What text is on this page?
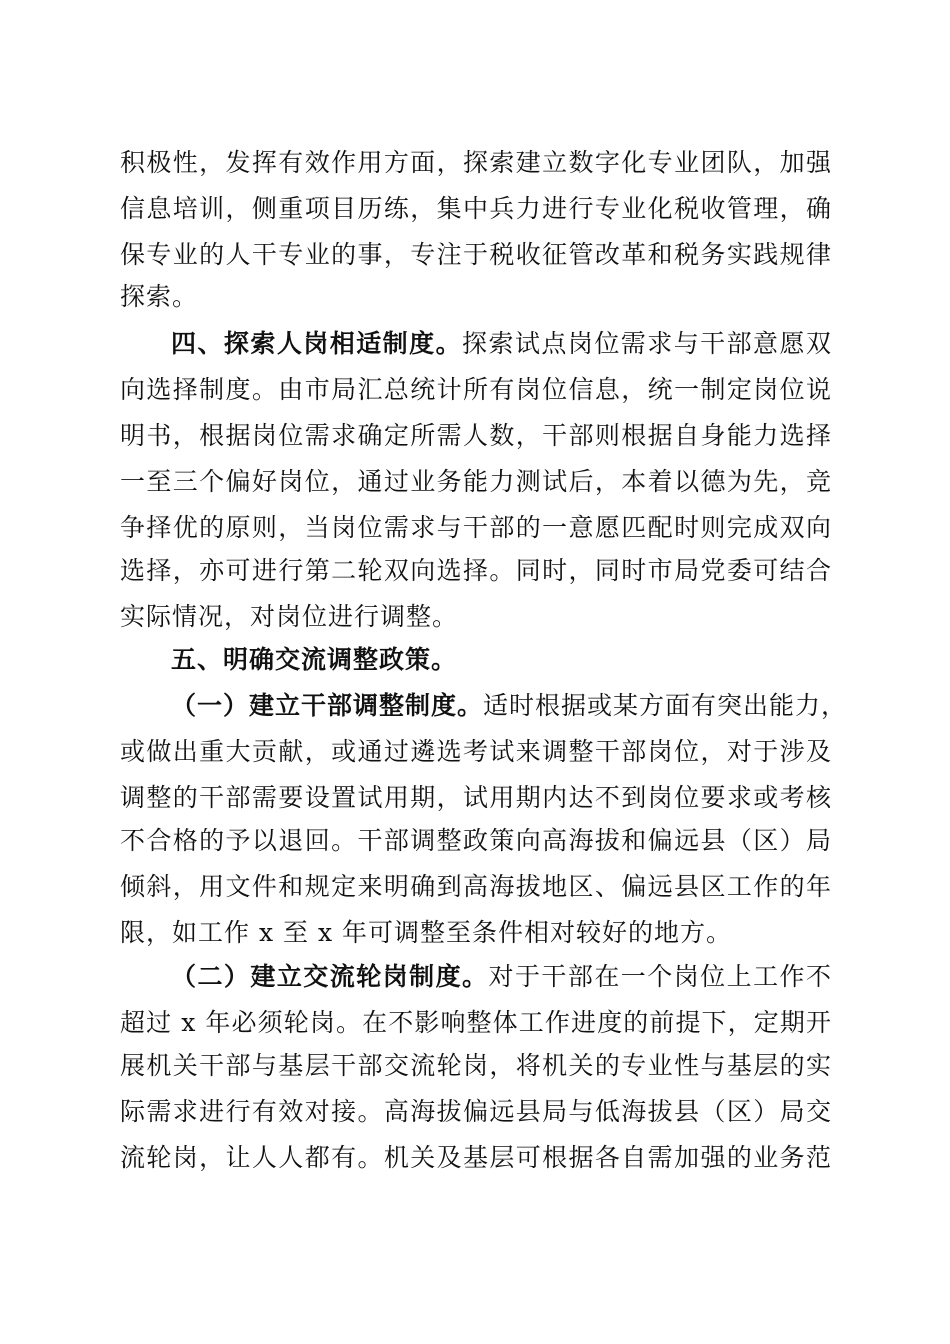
积极性，发挥有效作用方面，探索建立数字化专业团队，加强
信息培训，侧重项目历练，集中兵力进行专业化税收管理，确
保专业的人干专业的事，专注于税收征管改革和税务实践规律
探索。
四、探索人岗相适制度。探索试点岗位需求与干部意愿双
向选择制度。由市局汇总统计所有岗位信息，统一制定岗位说
明书，根据岗位需求确定所需人数，干部则根据自身能力选择
一至三个偏好岗位，通过业务能力测试后，本着以德为先，竞
争择优的原则，当岗位需求与干部的一意愿匹配时则完成双向
选择，亦可进行第二轮双向选择。同时，同时市局党委可结合
实际情况，对岗位进行调整。
五、明确交流调整政策。
（一）建立干部调整制度。适时根据或某方面有突出能力，
或做出重大贡献，或通过遴选考试来调整干部岗位，对于涉及
调整的干部需要设置试用期，试用期内达不到岗位要求或考核
不合格的予以退回。干部调整政策向高海拔和偏远县（区）局
倾斜，用文件和规定来明确到高海拔地区、偏远县区工作的年
限，如工作 x 至 x 年可调整至条件相对较好的地方。
（二）建立交流轮岗制度。对于干部在一个岗位上工作不
超过 x 年必须轮岗。在不影响整体工作进度的前提下，定期开
展机关干部与基层干部交流轮岗，将机关的专业性与基层的实
际需求进行有效对接。高海拔偏远县局与低海拔县（区）局交
流轮岗，让人人都有。机关及基层可根据各自需加强的业务范
